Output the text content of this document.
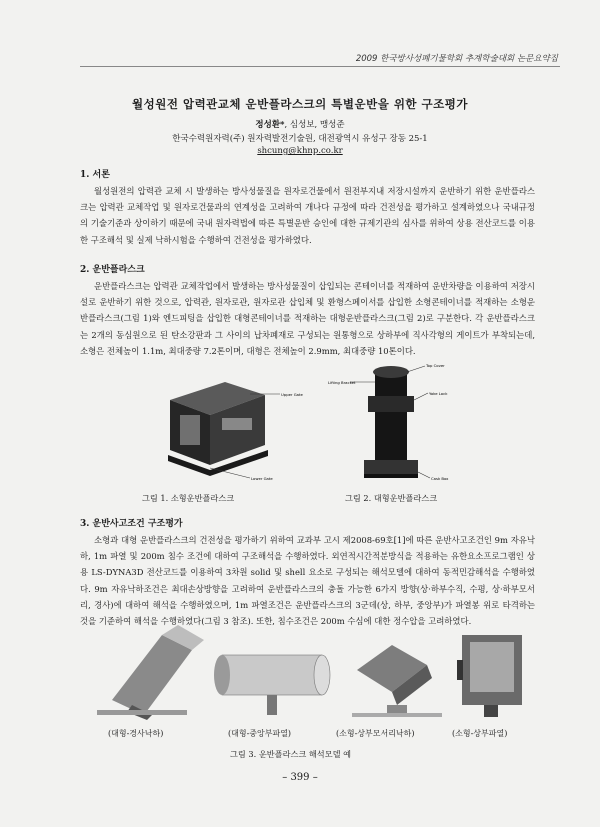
2009 한국방사성폐기물학회 추계학술대회 논문요약집
월성원전 압력관교체 운반플라스크의 특별운반을 위한 구조평가
정성환*, 심성보, 맹성준
한국수력원자력(주) 원자력발전기술원, 대전광역시 유성구 장동 25-1
shcung@khnp.co.kr
1. 서론
월성원전의 압력관 교체 시 발생하는 방사성물질을 원자로건물에서 원전부지내 저장시설까지 운반하기 위한 운반플라스크는 압력관 교체작업 및 원자로건물과의 연계성을 고려하여 개나다 규정에 따라 건전성을 평가하고 설계하였으나 국내규정의 기술기준과 상이하기 때문에 국내 원자력법에 따른 특별운반 승인에 대한 규제기관의 심사를 위하여 상용 전산코드를 이용한 구조해석 및 실제 낙하시험을 수행하여 건전성을 평가하였다.
2. 운반플라스크
운반플라스크는 압력관 교체작업에서 발생하는 방사성물질이 삽입되는 콘테이너를 적재하여 운반차량을 이용하여 저장시설로 운반하기 위한 것으로, 압력관, 원자로관, 원자로관 삽입체 및 환형스페이서를 삽입한 소형콘테이너를 적재하는 소형운반플라스크(그림 1)와 엔드피팅을 삽입한 대형콘테이너를 적재하는 대형운반플라스크(그림 2)로 구분한다. 각 운반플라스크는 2개의 동심원으로 된 탄소강판과 그 사이의 납차폐재로 구성되는 원통형으로 상하부에 직사각형의 게이트가 부착되는데, 소형은 전체높이 1.1m, 최대중량 7.2톤이며, 대형은 전체높이 2.9mm, 최대중량 10톤이다.
Upper Gate
Lower Gate
Lifting Bracket
Top Cover
Yoke Lock
Cask Box
그림 1. 소형운반플라스크	그림 2. 대형운반플라스크
3. 운반사고조건 구조평가
소형과 대형 운반플라스크의 건전성을 평가하기 위하여 교과부 고시 제2008-69호[1]에 따른 운반사고조건인 9m 자유낙하, 1m 파열 및 200m 침수 조건에 대하여 구조해석을 수행하였다. 외연적시간적분방식을 적용하는 유한요소프로그램인 상용 LS-DYNA3D 전산코드를 이용하여 3차원 solid 및 shell 요소로 구성되는 해석모델에 대하여 동적민감해석을 수행하였다. 9m 자유낙하조건은 최대손상방향을 고려하여 운반플라스크의 충돌 가능한 6가지 방향(상·하부수직, 수평, 상·하부모서리, 경사)에 대하여 해석을 수행하였으며, 1m 파열조건은 운반플라스크의 3군데(상, 하부, 중앙부)가 파열봉 위로 타격하는 것을 기준하여 해석을 수행하였다(그림 3 참조). 또한, 침수조건은 200m 수심에 대한 정수압을 고려하였다.
(대형-경사낙하)	(대형-중앙부파열)	(소형-상부모서리낙하)	(소형-상부파열)
그림 3. 운반플라스크 해석모델 예
– 399 –
